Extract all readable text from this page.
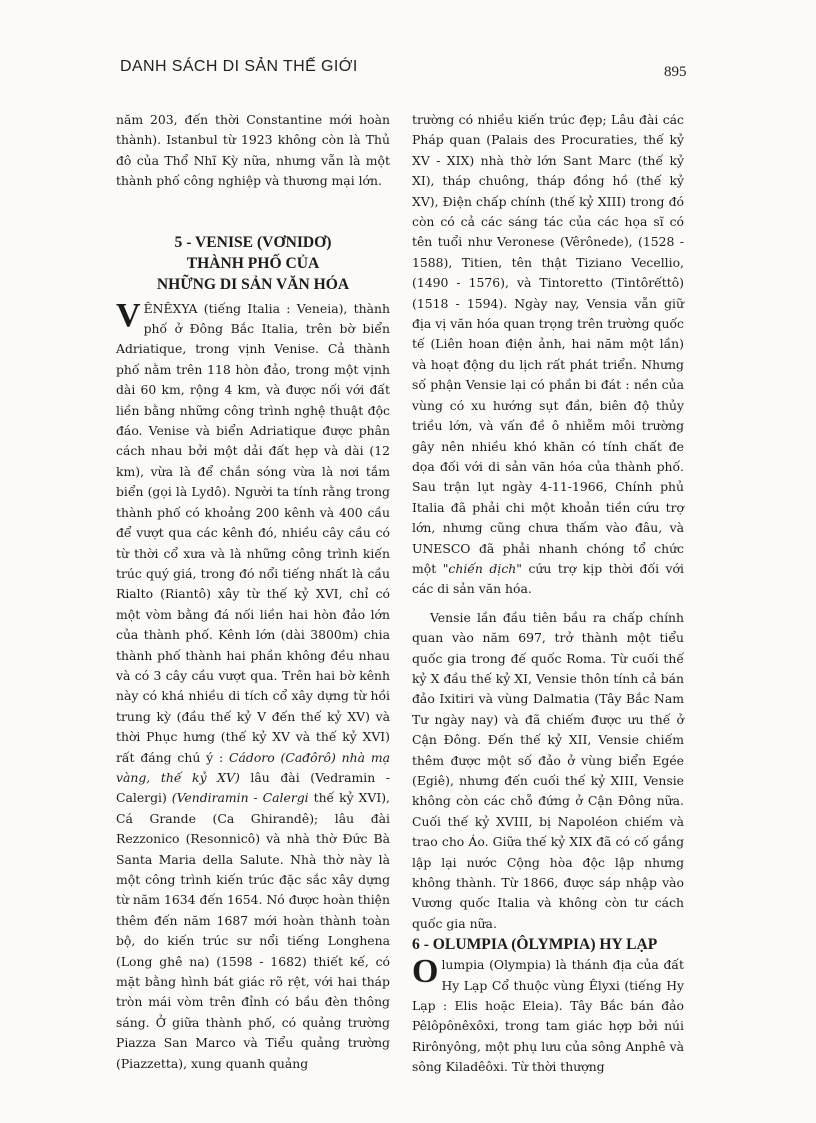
DANH SÁCH DI SẢN THẾ GIỚI	895

năm 203, đến thời Constantine mới hoàn thành). Istanbul từ 1923 không còn là Thủ đô của Thổ Nhĩ Kỳ nữa, nhưng vẫn là một thành phố công nghiệp và thương mại lớn.

5 - VENISE (VƠNIDƠ)

THÀNH PHỐ CỦA

NHỮNG DI SẢN VĂN HÓA

VÊNÊXYA (tiếng Italia : Veneia), thành phố ở Đông Bắc Italia, trên bờ biển Adriatique, trong vịnh Venise. Cả thành phố nằm trên 118 hòn đảo, trong một vịnh dài 60 km, rộng 4 km, và được nối với đất liền bằng những công trình nghệ thuật độc đáo. Venise và biển Adriatique được phân cách nhau bởi một dải đất hẹp và dài (12 km), vừa là để chắn sóng vừa là nơi tắm biển (gọi là Lydô). Người ta tính rằng trong thành phố có khoảng 200 kênh và 400 cầu để vượt qua các kênh đó, nhiều cây cầu có từ thời cổ xưa và là những công trình kiến trúc quý giá, trong đó nổi tiếng nhất là cầu Rialto (Riantô) xây từ thế kỷ XVI, chỉ có một vòm bằng đá nối liền hai hòn đảo lớn của thành phố. Kênh lớn (dài 3800m) chia thành phố thành hai phần không đều nhau và có 3 cây cầu vượt qua. Trên hai bờ kênh này có khá nhiều di tích cổ xây dựng từ hồi trung kỳ (đầu thế kỷ V đến thế kỷ XV) và thời Phục hưng (thế kỷ XV và thế kỷ XVI) rất đáng chú ý : Cádoro (Cađôrô) nhà mạ vàng, thế kỷ XV) lâu đài (Vedramin - Calergi) (Vendiramin - Calergi thế kỷ XVI), Cá Grande (Ca Ghirandê); lâu đài Rezzonico (Resonnicô) và nhà thờ Đức Bà Santa Maria della Salute. Nhà thờ này là một công trình kiến trúc đặc sắc xây dựng từ năm 1634 đến 1654. Nó được hoàn thiện thêm đến năm 1687 mới hoàn thành toàn bộ, do kiến trúc sư nổi tiếng Longhena (Long ghê na) (1598 - 1682) thiết kế, có mặt bằng hình bát giác rõ rệt, với hai tháp tròn mái vòm trên đỉnh có bầu đèn thông sáng. Ở giữa thành phố, có quảng trường Piazza San Marco và Tiểu quảng trường (Piazzetta), xung quanh quảng

trường có nhiều kiến trúc đẹp; Lâu đài các Pháp quan (Palais des Procuraties, thế kỷ XV - XIX) nhà thờ lớn Sant Marc (thế kỷ XI), tháp chuông, tháp đồng hồ (thế kỷ XV), Điện chấp chính (thế kỷ XIII) trong đó còn có cả các sáng tác của các họa sĩ có tên tuổi như Veronese (Vêrônede), (1528 - 1588), Titien, tên thật Tiziano Vecellio, (1490 - 1576), và Tintoretto (Tintôrếttô) (1518 - 1594). Ngày nay, Vensia vẫn giữ địa vị văn hóa quan trọng trên trường quốc tế (Liên hoan điện ảnh, hai năm một lần) và hoạt động du lịch rất phát triển. Nhưng số phận Vensie lại có phần bi đát : nền của vùng có xu hướng sụt đần, biên độ thủy triều lớn, và vấn đề ô nhiễm môi trường gây nên nhiều khó khăn có tính chất đe dọa đối với di sản văn hóa của thành phố. Sau trận lụt ngày 4-11-1966, Chính phủ Italia đã phải chi một khoản tiền cứu trợ lớn, nhưng cũng chưa thấm vào đâu, và UNESCO đã phải nhanh chóng tổ chức một "chiến dịch" cứu trợ kịp thời đối với các di sản văn hóa.

Vensie lần đầu tiên bầu ra chấp chính quan vào năm 697, trở thành một tiểu quốc gia trong đế quốc Roma. Từ cuối thế kỷ X đầu thế kỷ XI, Vensie thôn tính cả bán đảo Ixitiri và vùng Dalmatia (Tây Bắc Nam Tư ngày nay) và đã chiếm được ưu thế ở Cận Đông. Đến thế kỷ XII, Vensie chiếm thêm được một số đảo ở vùng biển Egée (Egiê), nhưng đến cuối thế kỷ XIII, Vensie không còn các chỗ đứng ở Cận Đông nữa. Cuối thế kỷ XVIII, bị Napoléon chiếm và trao cho Áo. Giữa thế kỷ XIX đã có cố gắng lập lại nước Cộng hòa độc lập nhưng không thành. Từ 1866, được sáp nhập vào Vương quốc Italia và không còn tư cách quốc gia nữa.

6 - OLUMPIA (ÔLYMPIA) HY LẠP

Olumpia (Olympia) là thánh địa của đất Hy Lạp Cổ thuộc vùng Êlyxi (tiếng Hy Lạp : Elis hoặc Eleia). Tây Bắc bán đảo Pêlôpônêxôxi, trong tam giác hợp bởi núi Rirônyông, một phụ lưu của sông Anphê và sông Kiladêôxi. Từ thời thượng
